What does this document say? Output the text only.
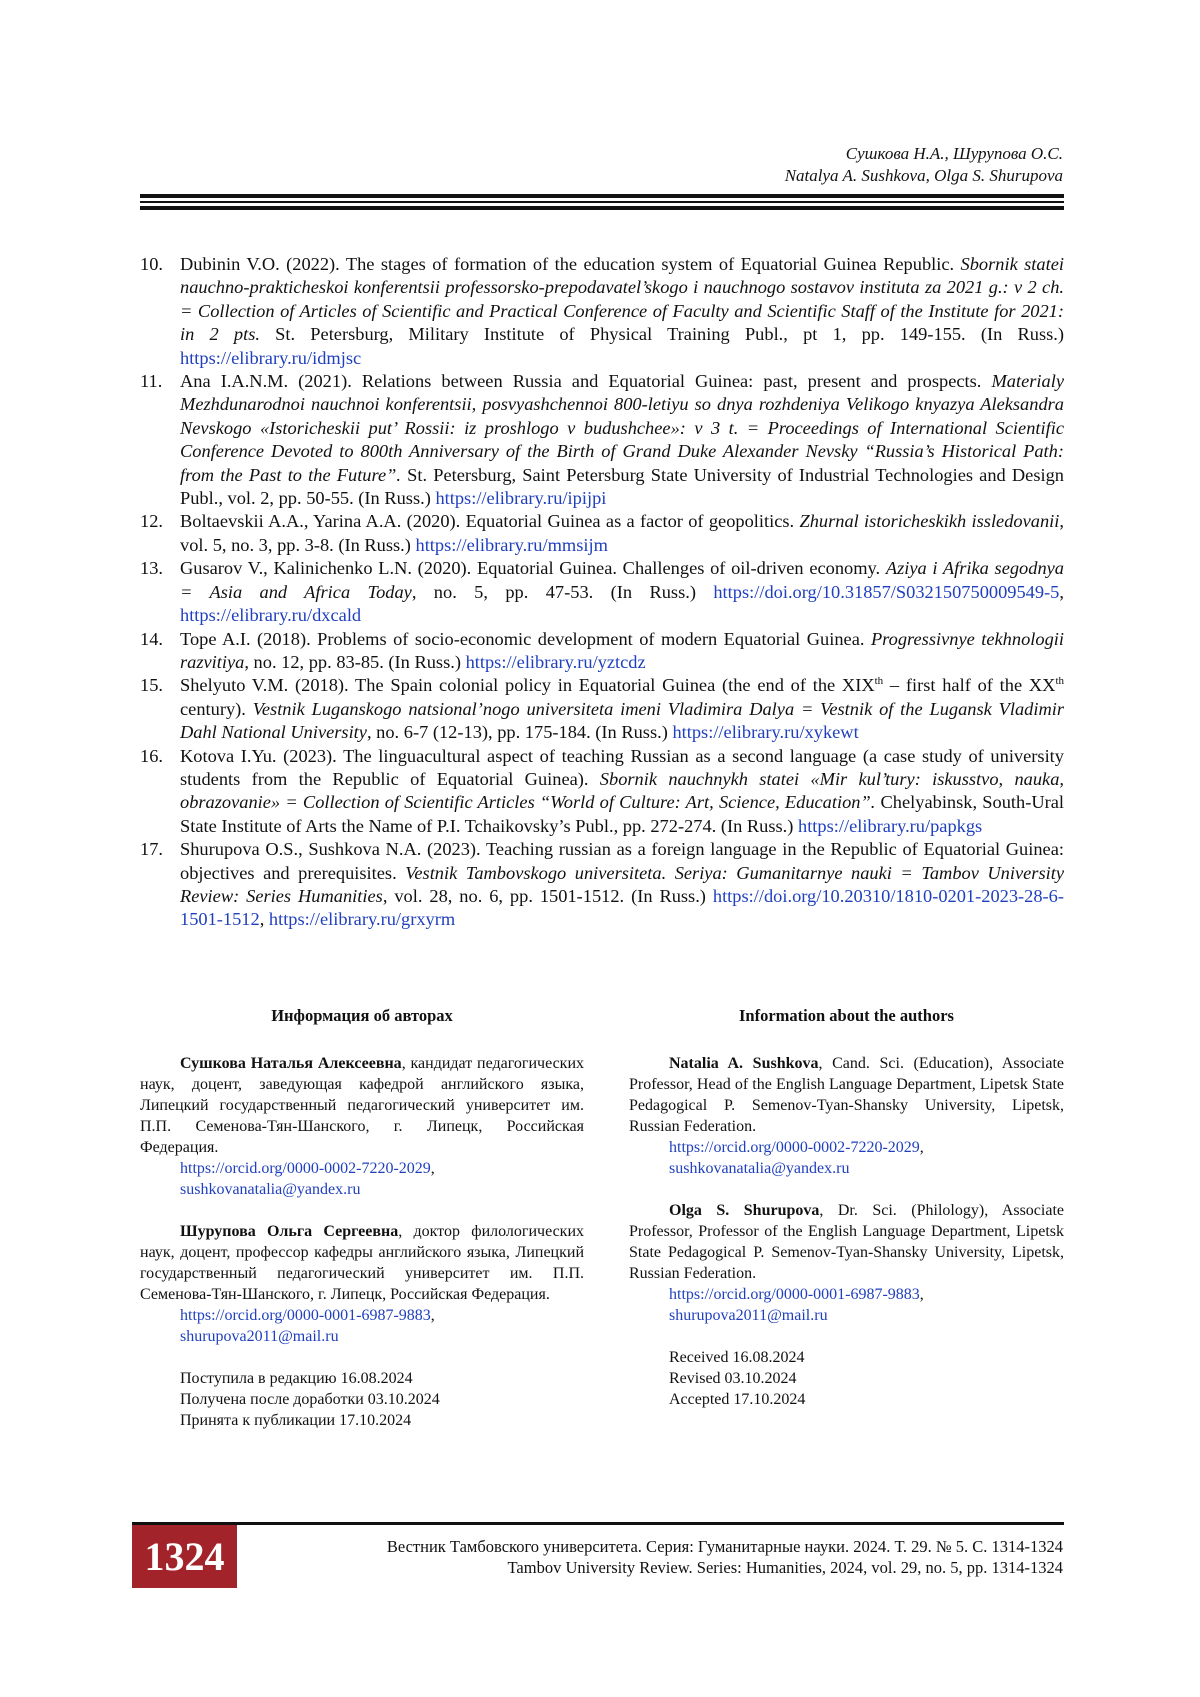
Сушкова Н.А., Шурупова О.С.
Natalya A. Sushkova, Olga S. Shurupova
10. Dubinin V.O. (2022). The stages of formation of the education system of Equatorial Guinea Republic. Sbornik statei nauchno-prakticheskoi konferentsii professorsko-prepodavatel’skogo i nauchnogo sostavov instituta za 2021 g.: v 2 ch. = Collection of Articles of Scientific and Practical Conference of Faculty and Scientific Staff of the Institute for 2021: in 2 pts. St. Petersburg, Military Institute of Physical Training Publ., pt 1, pp. 149-155. (In Russ.) https://elibrary.ru/idmjsc
11. Ana I.A.N.M. (2021). Relations between Russia and Equatorial Guinea: past, present and prospects. Materialy Mezhdunarodnoi nauchnoi konferentsii, posvyashchennoi 800-letiyu so dnya rozhdeniya Velikogo knyazya Aleksandra Nevskogo «Istoricheskii put’ Rossii: iz proshlogo v budushchee»: v 3 t. = Proceedings of International Scientific Conference Devoted to 800th Anniversary of the Birth of Grand Duke Alexander Nevsky “Russia’s Historical Path: from the Past to the Future”. St. Petersburg, Saint Petersburg State University of Industrial Technologies and Design Publ., vol. 2, pp. 50-55. (In Russ.) https://elibrary.ru/ipijpi
12. Boltaevskii A.A., Yarina A.A. (2020). Equatorial Guinea as a factor of geopolitics. Zhurnal istoricheskikh issledovanii, vol. 5, no. 3, pp. 3-8. (In Russ.) https://elibrary.ru/mmsijm
13. Gusarov V., Kalinichenko L.N. (2020). Equatorial Guinea. Challenges of oil-driven economy. Aziya i Afrika segodnya = Asia and Africa Today, no. 5, pp. 47-53. (In Russ.) https://doi.org/10.31857/S032150750009549-5, https://elibrary.ru/dxcald
14. Tope A.I. (2018). Problems of socio-economic development of modern Equatorial Guinea. Progressivnye tekhnologii razvitiya, no. 12, pp. 83-85. (In Russ.) https://elibrary.ru/yztcdz
15. Shelyuto V.M. (2018). The Spain colonial policy in Equatorial Guinea (the end of the XIXth – first half of the XXth century). Vestnik Luganskogo natsional’nogo universiteta imeni Vladimira Dalya = Vestnik of the Lugansk Vladimir Dahl National University, no. 6-7 (12-13), pp. 175-184. (In Russ.) https://elibrary.ru/xykewt
16. Kotova I.Yu. (2023). The linguacultural aspect of teaching Russian as a second language (a case study of university students from the Republic of Equatorial Guinea). Sbornik nauchnykh statei «Mir kul’tury: iskusstvo, nauka, obrazovanie» = Collection of Scientific Articles “World of Culture: Art, Science, Education”. Chelyabinsk, South-Ural State Institute of Arts the Name of P.I. Tchaikovsky’s Publ., pp. 272-274. (In Russ.) https://elibrary.ru/papkgs
17. Shurupova O.S., Sushkova N.A. (2023). Teaching russian as a foreign language in the Republic of Equatorial Guinea: objectives and prerequisites. Vestnik Tambovskogo universiteta. Seriya: Gumanitarnye nauki = Tambov University Review: Series Humanities, vol. 28, no. 6, pp. 1501-1512. (In Russ.) https://doi.org/10.20310/1810-0201-2023-28-6-1501-1512, https://elibrary.ru/grxyrm
Информация об авторах

Сушкова Наталья Алексеевна, кандидат педагогических наук, доцент, заведующая кафедрой английского языка, Липецкий государственный педагогический университет им. П.П. Семенова-Тян-Шанского, г. Липецк, Российская Федерация.

https://orcid.org/0000-0002-7220-2029,
sushkovanatalia@yandex.ru

Шурупова Ольга Сергеевна, доктор филологических наук, доцент, профессор кафедры английского языка, Липецкий государственный педагогический университет им. П.П. Семенова-Тян-Шанского, г. Липецк, Российская Федерация.

https://orcid.org/0000-0001-6987-9883,
shurupova2011@mail.ru
Поступила в редакцию 16.08.2024
Получена после доработки 03.10.2024
Принята к публикации 17.10.2024
Information about the authors

Natalia A. Sushkova, Cand. Sci. (Education), Associate Professor, Head of the English Language Department, Lipetsk State Pedagogical P. Semenov-Tyan-Shansky University, Lipetsk, Russian Federation.

https://orcid.org/0000-0002-7220-2029,
sushkovanatalia@yandex.ru

Olga S. Shurupova, Dr. Sci. (Philology), Associate Professor, Professor of the English Language Department, Lipetsk State Pedagogical P. Semenov-Tyan-Shansky University, Lipetsk, Russian Federation.

https://orcid.org/0000-0001-6987-9883,
shurupova2011@mail.ru
Received 16.08.2024
Revised 03.10.2024
Accepted 17.10.2024
1324	Вестник Тамбовского университета. Серия: Гуманитарные науки. 2024. Т. 29. № 5. С. 1314-1324
Tambov University Review. Series: Humanities, 2024, vol. 29, no. 5, pp. 1314-1324
